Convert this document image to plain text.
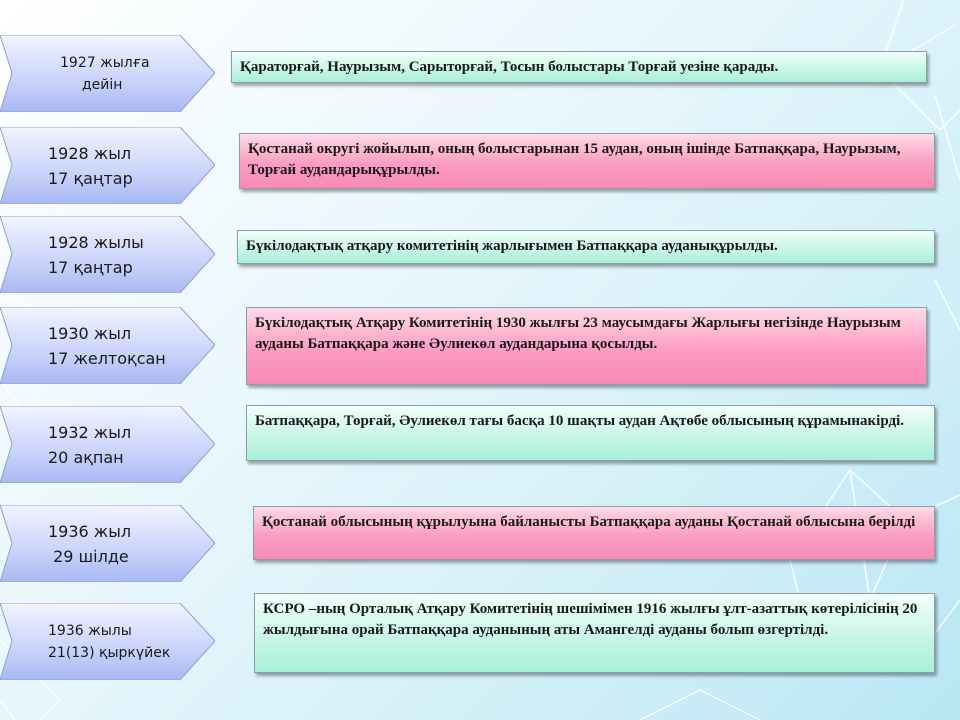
1927 жылға
дейін
Қараторғай, Наурызым, Сарыторғай, Тосын болыстары Торғай уезіне қарады.
1928 жыл
17 қаңтар
Қостанай округі жойылып, оның болыстарынан 15 аудан, оның ішінде Батпаққара, Наурызым, Торғай аудандарықұрылды.
1928 жылы
17 қаңтар
Бүкілодақтық атқару комитетінің жарлығымен Батпаққара ауданықұрылды.
1930 жыл
17 желтоқсан
Бүкілодақтық Атқару Комитетінің 1930 жылғы 23 маусымдағы Жарлығы негізінде Наурызым ауданы Батпаққара және Әулиекөл аудандарына қосылды.
1932 жыл
20 ақпан
Батпаққара, Торғай, Әулиекөл тағы басқа 10 шақты аудан Ақтөбе облысының құрамынакірді.
1936 жыл
29 шілде
Қостанай облысының құрылуына байланысты Батпаққара ауданы Қостанай облысына берілді
1936 жылы
21(13) қыркүйек
КСРО –ның Орталық Атқару Комитетінің шешімімен 1916 жылғы ұлт-азаттық көтерілісінің 20 жылдығына орай Батпаққара ауданының аты Амангелді ауданы болып өзгертілді.
